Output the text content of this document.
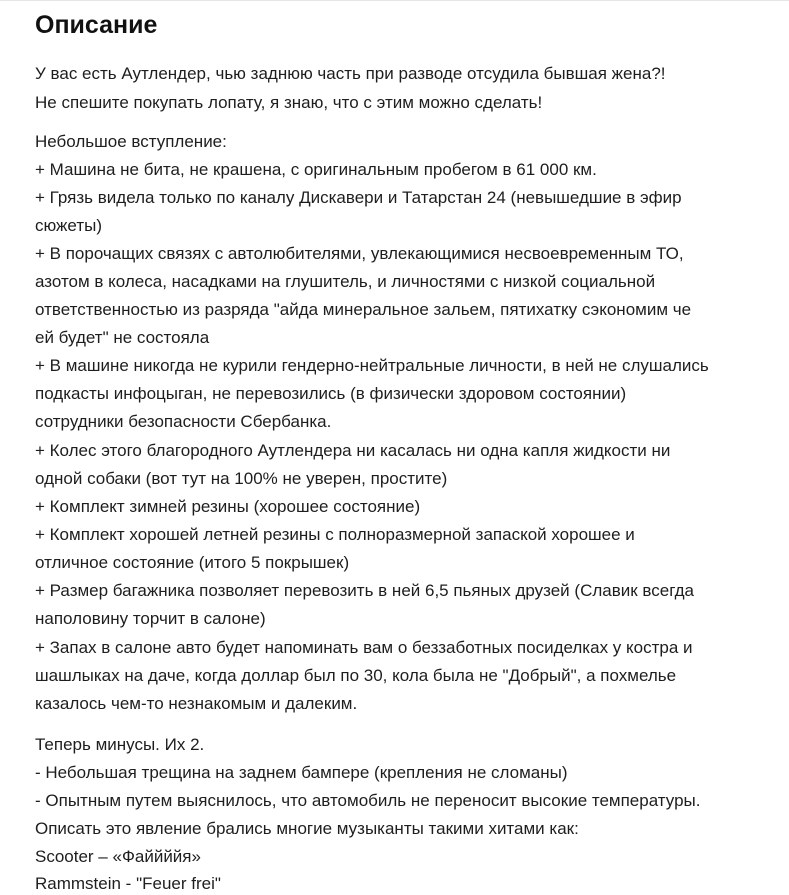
Описание
У вас есть Аутлендер, чью заднюю часть при разводе отсудила бывшая жена?!
Не спешите покупать лопату, я знаю, что с этим можно сделать!
Небольшое вступление:
+ Машина не бита, не крашена, с оригинальным пробегом в 61 000 км.
+ Грязь видела только по каналу Дискавери и Татарстан 24 (невышедшие в эфир
сюжеты)
+ В порочащих связях с автолюбителями, увлекающимися несвоевременным ТО,
азотом в колеса, насадками на глушитель, и личностями с низкой социальной
ответственностью из разряда "айда минеральное зальем, пятихатку сэкономим че
ей будет" не состояла
+ В машине никогда не курили гендерно-нейтральные личности, в ней не слушались
подкасты инфоцыган, не перевозились (в физически здоровом состоянии)
сотрудники безопасности Сбербанка.
+ Колес этого благородного Аутлендера ни касалась ни одна капля жидкости ни
одной собаки (вот тут на 100% не уверен, простите)
+ Комплект зимней резины (хорошее состояние)
+ Комплект хорошей летней резины с полноразмерной запаской хорошее и
отличное состояние (итого 5 покрышек)
+ Размер багажника позволяет перевозить в ней 6,5 пьяных друзей (Славик всегда
наполовину торчит в салоне)
+ Запах в салоне авто будет напоминать вам о беззаботных посиделках у костра и
шашлыках на даче, когда доллар был по 30, кола была не "Добрый", а похмелье
казалось чем-то незнакомым и далеким.
Теперь минусы. Их 2.
- Небольшая трещина на заднем бампере (крепления не сломаны)
- Опытным путем выяснилось, что автомобиль не переносит высокие температуры.
Описать это явление брались многие музыканты такими хитами как:
Scooter – «Файйййя»
Rammstein - "Feuer frei"
